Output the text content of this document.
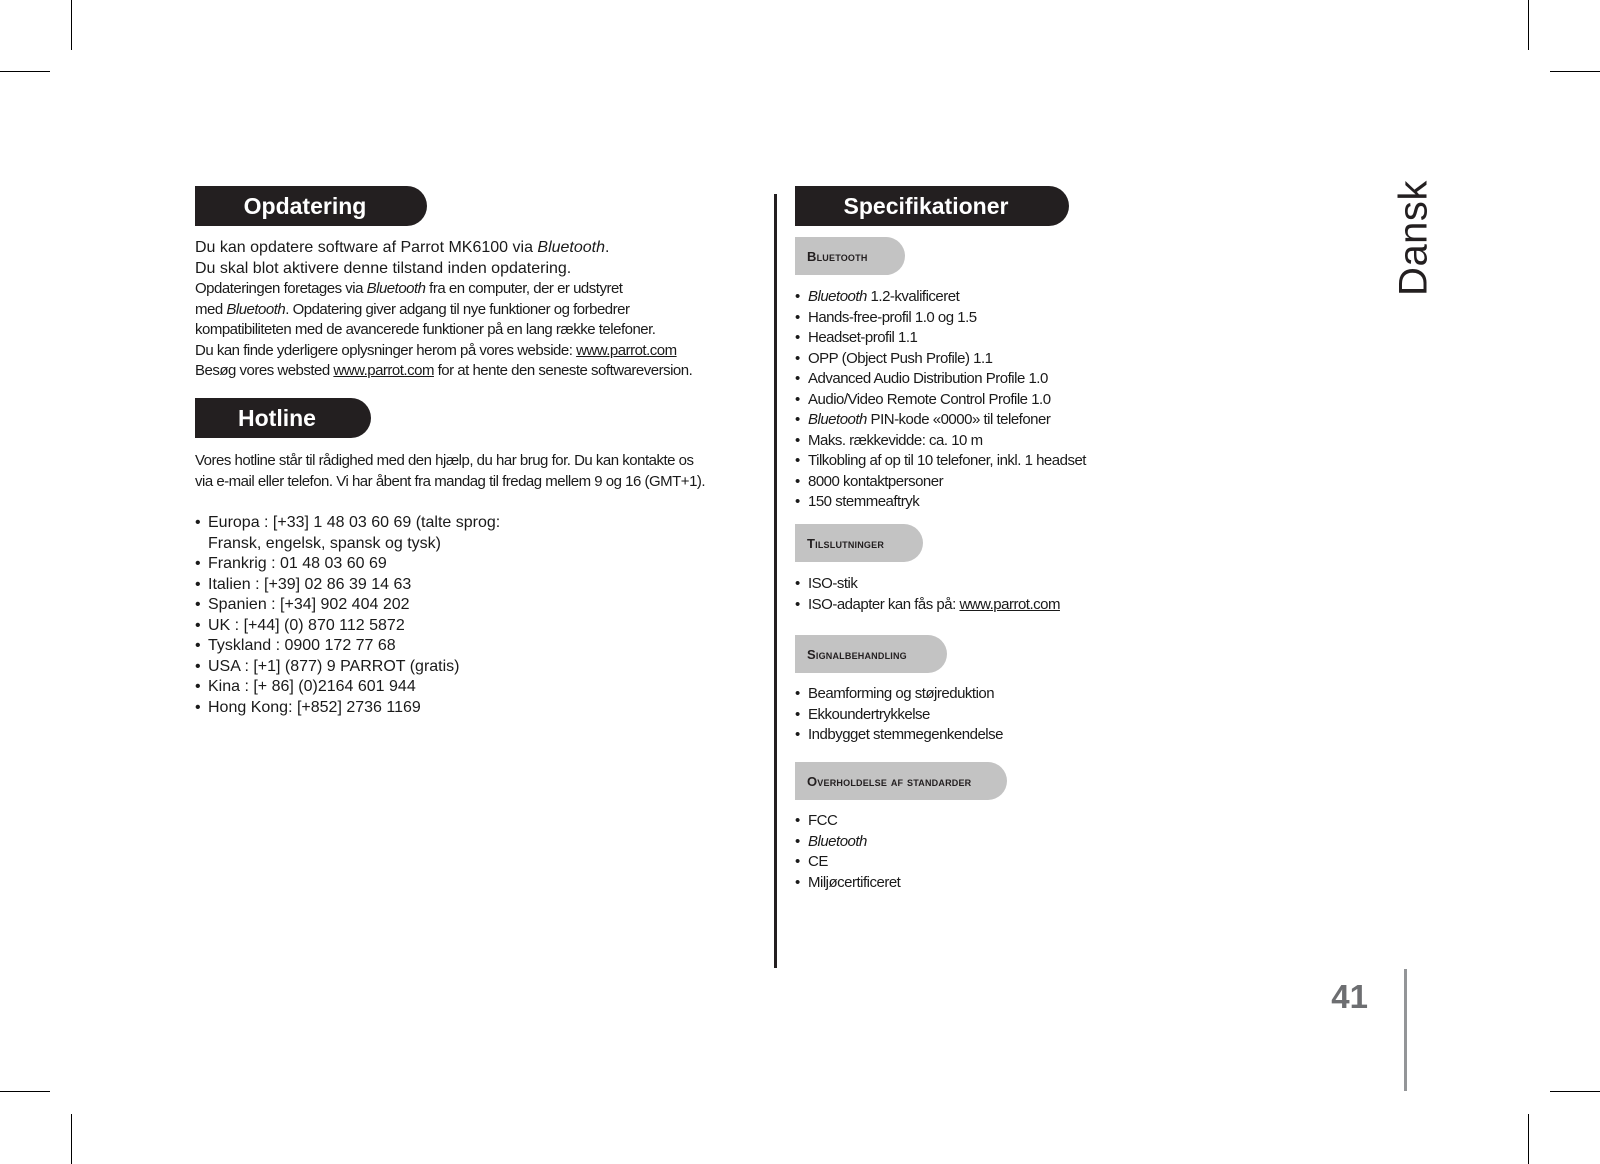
Opdatering
Du kan opdatere software af Parrot MK6100 via Bluetooth.
Du skal blot aktivere denne tilstand inden opdatering.
Opdateringen foretages via Bluetooth fra en computer, der er udstyret
med Bluetooth. Opdatering giver adgang til nye funktioner og forbedrer
kompatibiliteten med de avancerede funktioner på en lang række telefoner.
Du kan finde yderligere oplysninger herom på vores webside: www.parrot.com
Besøg vores websted www.parrot.com for at hente den seneste softwareversion.
Hotline
Vores hotline står til rådighed med den hjælp, du har brug for. Du kan kontakte os
via e-mail eller telefon. Vi har åbent fra mandag til fredag mellem 9 og 16 (GMT+1).
• Europa : [+33] 1 48 03 60 69 (talte sprog: Fransk, engelsk, spansk og tysk)
• Frankrig : 01 48 03 60 69
• Italien : [+39] 02 86 39 14 63
• Spanien : [+34] 902 404 202
• UK : [+44] (0) 870 112 5872
• Tyskland : 0900 172 77 68
• USA : [+1] (877) 9 PARROT (gratis)
• Kina : [+ 86] (0)2164 601 944
• Hong Kong: [+852] 2736 1169
Specifikationer
Bluetooth
• Bluetooth 1.2-kvalificeret
• Hands-free-profil 1.0 og 1.5
• Headset-profil 1.1
• OPP (Object Push Profile) 1.1
• Advanced Audio Distribution Profile 1.0
• Audio/Video Remote Control Profile 1.0
• Bluetooth PIN-kode «0000» til telefoner
• Maks. rækkevidde: ca. 10 m
• Tilkobling af op til 10 telefoner, inkl. 1 headset
• 8000 kontaktpersoner
• 150 stemmeaftryk
Tilslutninger
• ISO-stik
• ISO-adapter kan fås på: www.parrot.com
Signalbehandling
• Beamforming og støjreduktion
• Ekkoundertrykkelse
• Indbygget stemmegenkendelse
Overholdelse af standarder
• FCC
• Bluetooth
• CE
• Miljøcertificeret
Dansk
41
